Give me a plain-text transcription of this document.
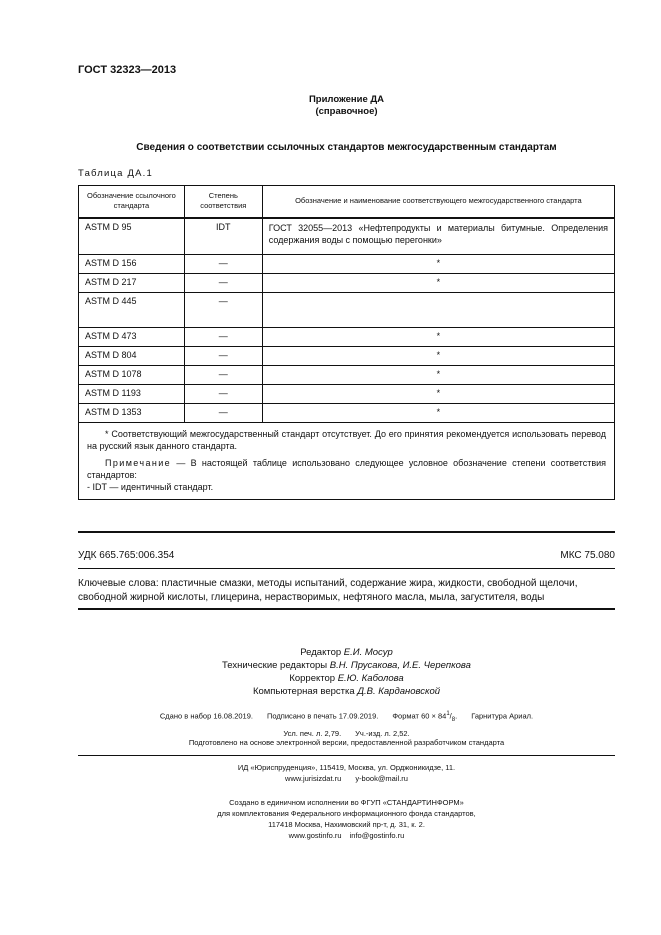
ГОСТ 32323—2013
Приложение ДА
(справочное)
Сведения о соответствии ссылочных стандартов межгосударственным стандартам
Таблица ДА.1
Обозначение ссылочного стандарта	Степень соответствия	Обозначение и наименование соответствующего межгосударственного стандарта
ASTM D 95	IDT	ГОСТ 32055—2013 «Нефтепродукты и материалы битумные. Определения содержания воды с помощью перегонки»
ASTM D 156	—	*
ASTM D 217	—	*
ASTM D 445	—	
ASTM D 473	—	*
ASTM D 804	—	*
ASTM D 1078	—	*
ASTM D 1193	—	*
ASTM D 1353	—	*

* Соответствующий межгосударственный стандарт отсутствует. До его принятия рекомендуется использовать перевод на русский язык данного стандарта.

Примечание — В настоящей таблице использовано следующее условное обозначение степени соответствия стандартов:

- IDT — идентичный стандарт.		

УДК 665.765:006.354	МКС 75.080
Ключевые слова: пластичные смазки, методы испытаний, содержание жира, жидкости, свободной щелочи, свободной жирной кислоты, глицерина, нерастворимых, нефтяного масла, мыла, загустителя, воды
Редактор Е.И. Мосур
Технические редакторы В.Н. Прусакова, И.Е. Черепкова
Корректор Е.Ю. Каболова
Компьютерная верстка Д.В. Кардановской
Сдано в набор 16.08.2019. Подписано в печать 17.09.2019. Формат $60 \times 84^1/_8$. Гарнитура Ариал.
Усл. печ. л. 2,79. Уч.-изд. л. 2,52.
Подготовлено на основе электронной версии, предоставленной разработчиком стандарта
ИД «Юриспруденция», 115419, Москва, ул. Орджоникидзе, 11.
www.jurisizdat.ru y-book@mail.ru
Создано в единичном исполнении во ФГУП «СТАНДАРТИНФОРМ»
для комплектования Федерального информационного фонда стандартов,
117418 Москва, Нахимовский пр-т, д. 31, к. 2.
www.gostinfo.ru info@gostinfo.ru
